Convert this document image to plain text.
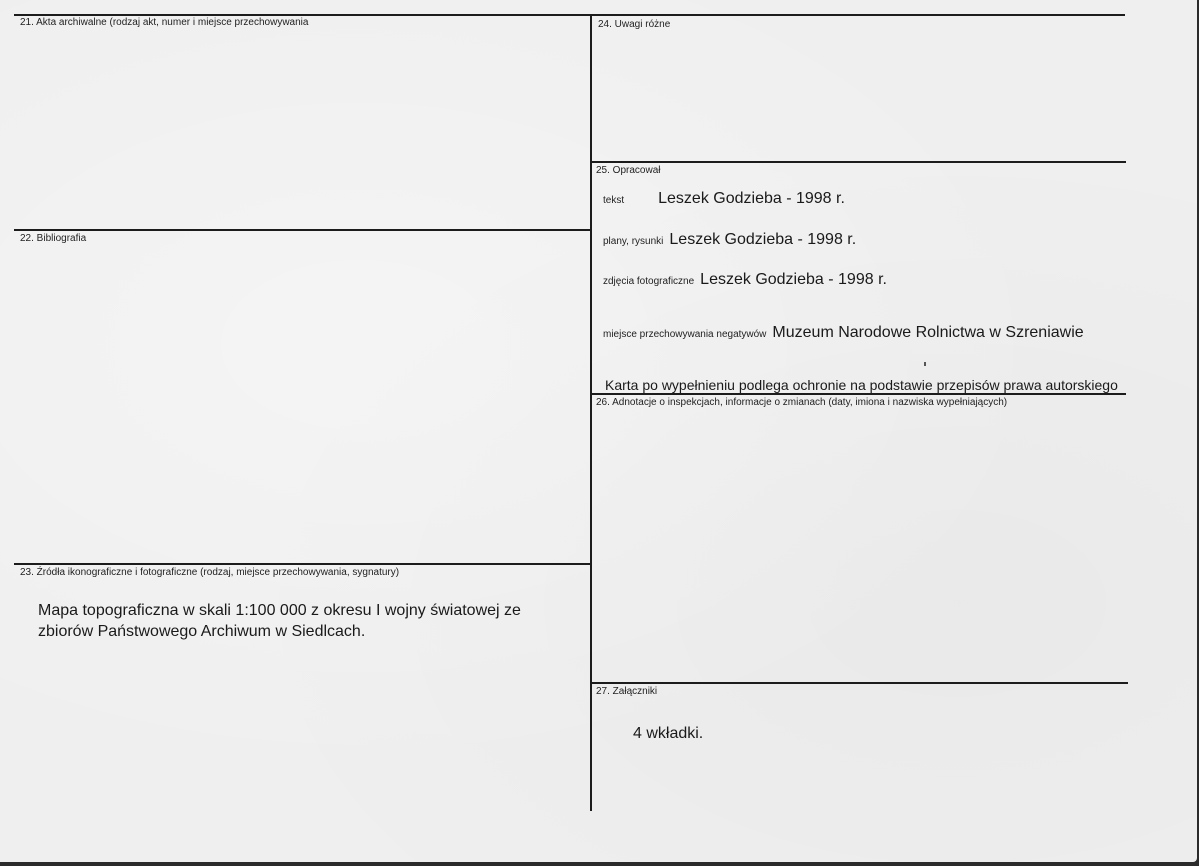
21. Akta archiwalne (rodzaj akt, numer i miejsce przechowywania
22. Bibliografia
23. Źródła ikonograficzne i fotograficzne (rodzaj, miejsce przechowywania, sygnatury)
Mapa topograficzna w skali 1:100 000 z okresu I wojny światowej ze
zbiorów Państwowego Archiwum w Siedlcach.
24. Uwagi różne
25. Opracował
tekst Leszek Godzieba - 1998 r.
plany, rysunki Leszek Godzieba - 1998 r.
zdjęcia fotograficzne Leszek Godzieba - 1998 r.
miejsce przechowywania negatywów Muzeum Narodowe Rolnictwa w Szreniawie
Karta po wypełnieniu podlega ochronie na podstawie przepisów prawa autorskiego
26. Adnotacje o inspekcjach, informacje o zmianach (daty, imiona i nazwiska wypełniających)
27. Załączniki
4 wkładki.
